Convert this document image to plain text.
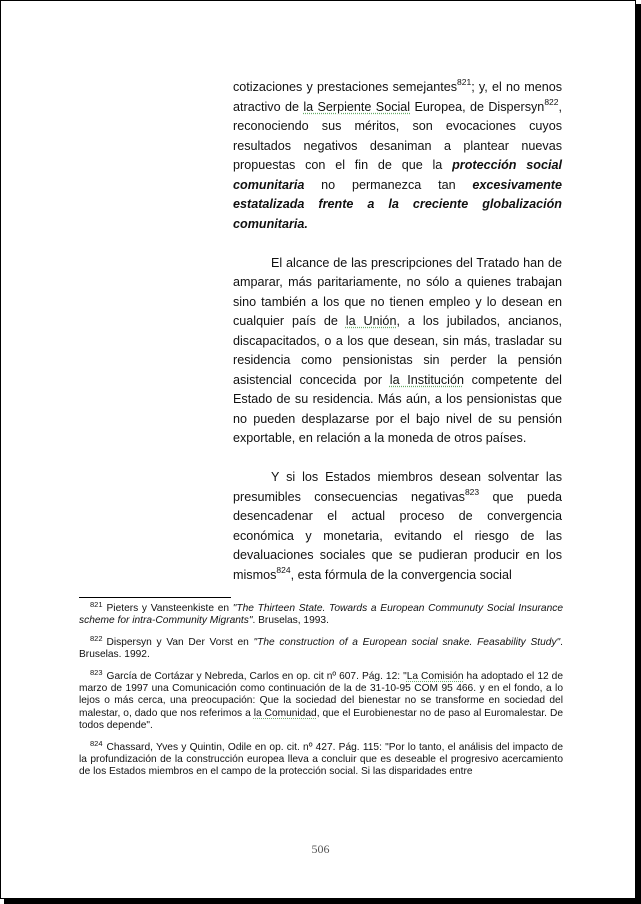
cotizaciones y prestaciones semejantes$^{821}$; y, el no menos atractivo de la Serpiente Social Europea, de Dispersyn$^{822}$, reconociendo sus méritos, son evocaciones cuyos resultados negativos desaniman a plantear nuevas propuestas con el fin de que la protección social comunitaria no permanezca tan excesivamente estatalizada frente a la creciente globalización comunitaria.

El alcance de las prescripciones del Tratado han de amparar, más paritariamente, no sólo a quienes trabajan sino también a los que no tienen empleo y lo desean en cualquier país de la Unión, a los jubilados, ancianos, discapacitados, o a los que desean, sin más, trasladar su residencia como pensionistas sin perder la pensión asistencial concecida por la Institución competente del Estado de su residencia. Más aún, a los pensionistas que no pueden desplazarse por el bajo nivel de su pensión exportable, en relación a la moneda de otros países.

Y si los Estados miembros desean solventar las presumibles consecuencias negativas$^{823}$ que pueda desencadenar el actual proceso de convergencia económica y monetaria, evitando el riesgo de las devaluaciones sociales que se pudieran producir en los mismos$^{824}$, esta fórmula de la convergencia social

$^{821}$ Pieters y Vansteenkiste en "The Thirteen State. Towards a European Communuty Social Insurance scheme for intra-Community Migrants". Bruselas, 1993.

$^{822}$ Dispersyn y Van Der Vorst en "The construction of a European social snake. Feasability Study". Bruselas. 1992.

$^{823}$ García de Cortázar y Nebreda, Carlos en op. cit nº 607. Pág. 12: "La Comisión ha adoptado el 12 de marzo de 1997 una Comunicación como continuación de la de 31-10-95 COM 95 466. y en el fondo, a lo lejos o más cerca, una preocupación: Que la sociedad del bienestar no se transforme en sociedad del malestar, o, dado que nos referimos a la Comunidad, que el Eurobienestar no de paso al Euromalestar. De todos depende".

$^{824}$ Chassard, Yves y Quintin, Odile en op. cit. nº 427. Pág. 115: "Por lo tanto, el análisis del impacto de la profundización de la construcción europea lleva a concluir que es deseable el progresivo acercamiento de los Estados miembros en el campo de la protección social. Si las disparidades entre

506
